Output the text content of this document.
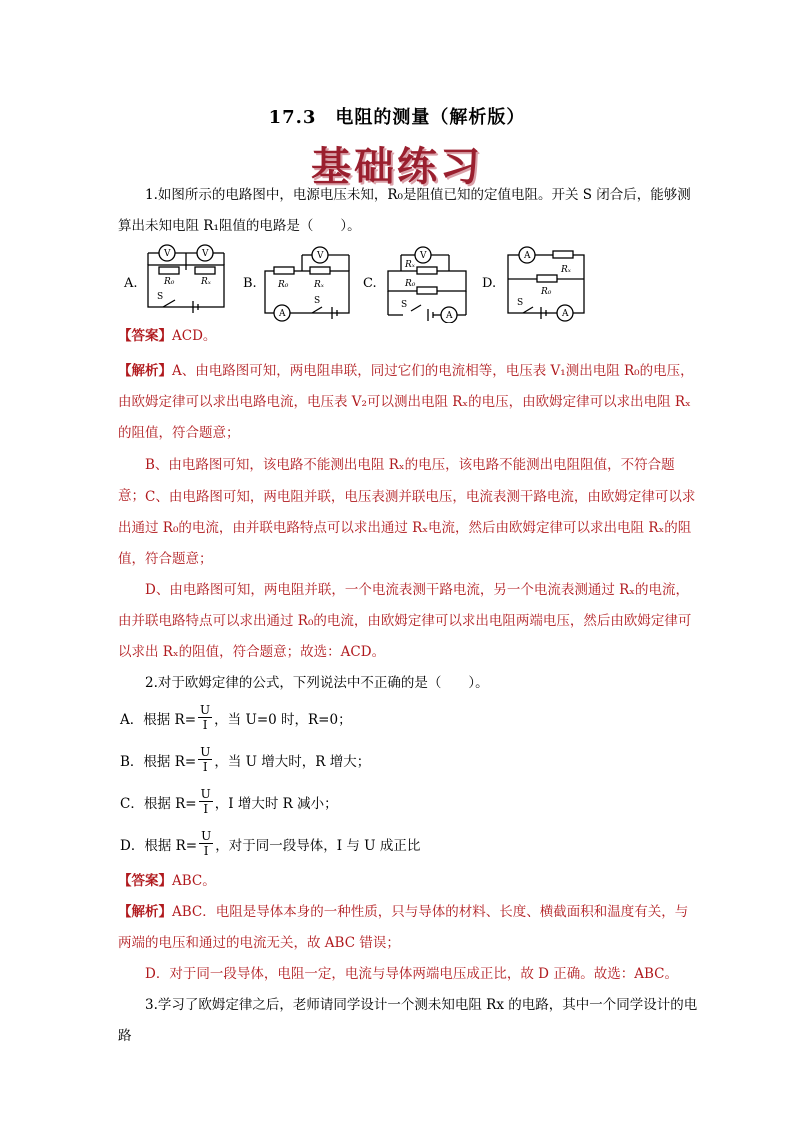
17.3　电阻的测量（解析版）
基础练习
1.如图所示的电路图中，电源电压未知，R₀是阻值已知的定值电阻。开关 S 闭合后，能够测算出未知电阻 R₁阻值的电路是（　　）。
A.	B.	C.	D.
V	V
R₀	Rₓ
S
V
A
R₀	Rₓ
S
V
A
Rₓ
R₀
S
A
A
Rₓ
R₀
S
【答案】ACD。
【解析】A、由电路图可知，两电阻串联，同过它们的电流相等，电压表 V₁测出电阻 R₀的电压，由欧姆定律可以求出电路电流，电压表 V₂可以测出电阻 Rₓ的电压，由欧姆定律可以求出电阻 Rₓ的阻值，符合题意；
B、由电路图可知，该电路不能测出电阻 Rₓ的电压，该电路不能测出电阻阻值，不符合题意； C、由电路图可知，两电阻并联，电压表测并联电压，电流表测干路电流，由欧姆定律可以求出通过 R₀的电流，由并联电路特点可以求出通过 Rₓ电流，然后由欧姆定律可以求出电阻 Rₓ的阻值，符合题意；
D、由电路图可知，两电阻并联，一个电流表测干路电流，另一个电流表测通过 Rₓ的电流，由并联电路特点可以求出通过 R₀的电流，由欧姆定律可以求出电阻两端电压，然后由欧姆定律可以求出 Rₓ的阻值，符合题意；故选：ACD。
2.对于欧姆定律的公式，下列说法中不正确的是（　　）。
A． 根据 $R= \frac{U}{I}$ ，当 U=0 时，R=0；
B． 根据 $R= \frac{U}{I}$ ，当 U 增大时，R 增大；
C． 根据 $R= \frac{U}{I}$ ，I 增大时 R 减小；
D． 根据 $R= \frac{U}{I}$ ，对于同一段导体，I 与 U 成正比
【答案】ABC。
【解析】ABC．电阻是导体本身的一种性质，只与导体的材料、长度、横截面积和温度有关，与两端的电压和通过的电流无关，故 ABC 错误；
D．对于同一段导体，电阻一定，电流与导体两端电压成正比，故 D 正确。故选：ABC。
3.学习了欧姆定律之后，老师请同学设计一个测未知电阻 Rx 的电路，其中一个同学设计的电路
